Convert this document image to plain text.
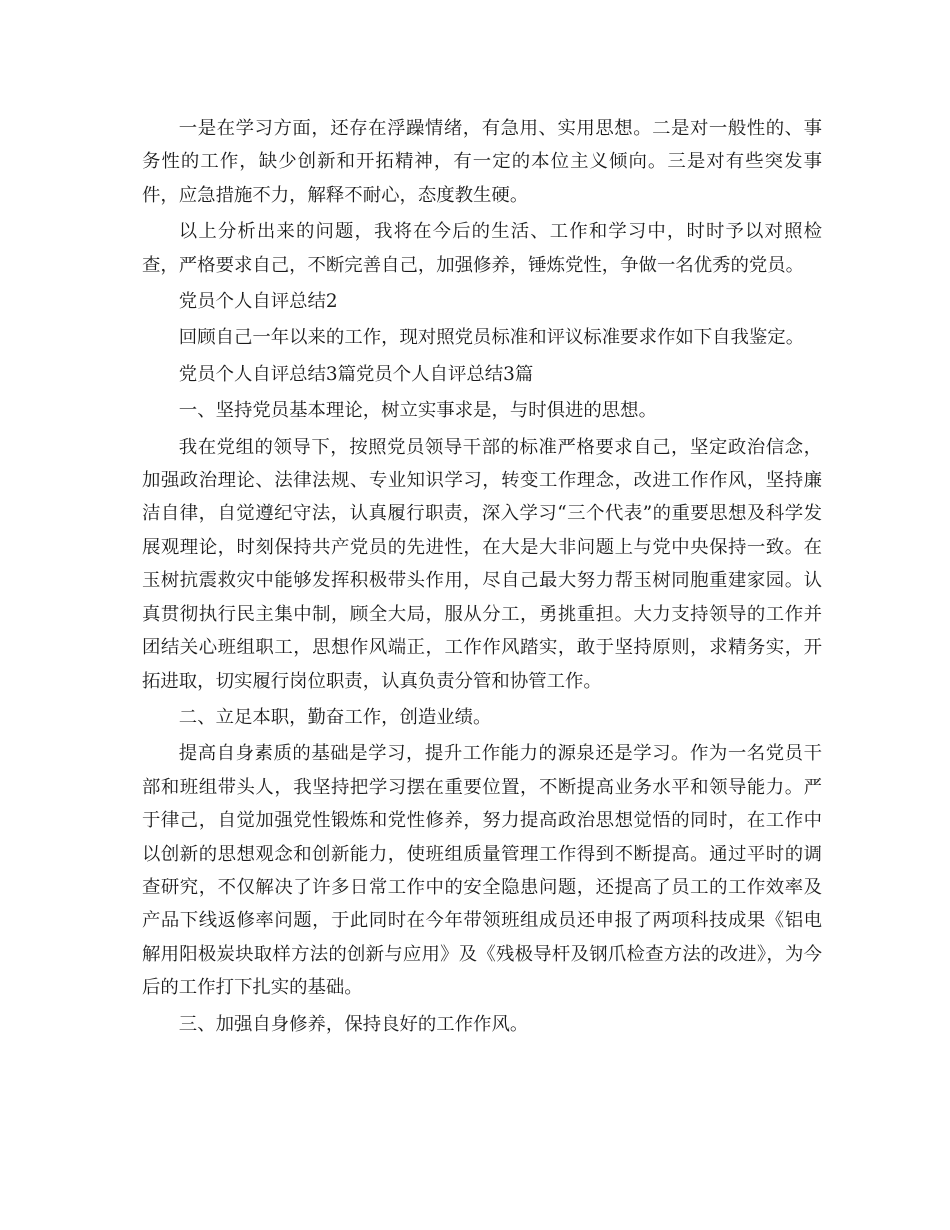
一是在学习方面，还存在浮躁情绪，有急用、实用思想。二是对一般性的、事务性的工作，缺少创新和开拓精神，有一定的本位主义倾向。三是对有些突发事件，应急措施不力，解释不耐心，态度教生硬。

以上分析出来的问题，我将在今后的生活、工作和学习中，时时予以对照检查，严格要求自己，不断完善自己，加强修养，锤炼党性，争做一名优秀的党员。

党员个人自评总结2

回顾自己一年以来的工作，现对照党员标准和评议标准要求作如下自我鉴定。

党员个人自评总结3篇党员个人自评总结3篇

一、坚持党员基本理论，树立实事求是，与时俱进的思想。

我在党组的领导下，按照党员领导干部的标准严格要求自己，坚定政治信念，加强政治理论、法律法规、专业知识学习，转变工作理念，改进工作作风，坚持廉洁自律，自觉遵纪守法，认真履行职责，深入学习“三个代表”的重要思想及科学发展观理论，时刻保持共产党员的先进性，在大是大非问题上与党中央保持一致。在玉树抗震救灾中能够发挥积极带头作用，尽自己最大努力帮玉树同胞重建家园。认真贯彻执行民主集中制，顾全大局，服从分工，勇挑重担。大力支持领导的工作并团结关心班组职工，思想作风端正，工作作风踏实，敢于坚持原则，求精务实，开拓进取，切实履行岗位职责，认真负责分管和协管工作。

二、立足本职，勤奋工作，创造业绩。

提高自身素质的基础是学习，提升工作能力的源泉还是学习。作为一名党员干部和班组带头人，我坚持把学习摆在重要位置，不断提高业务水平和领导能力。严于律己，自觉加强党性锻炼和党性修养，努力提高政治思想觉悟的同时，在工作中以创新的思想观念和创新能力，使班组质量管理工作得到不断提高。通过平时的调查研究，不仅解决了许多日常工作中的安全隐患问题，还提高了员工的工作效率及产品下线返修率问题，于此同时在今年带领班组成员还申报了两项科技成果《铝电解用阳极炭块取样方法的创新与应用》及《残极导杆及钢爪检查方法的改进》，为今后的工作打下扎实的基础。

三、加强自身修养，保持良好的工作作风。
